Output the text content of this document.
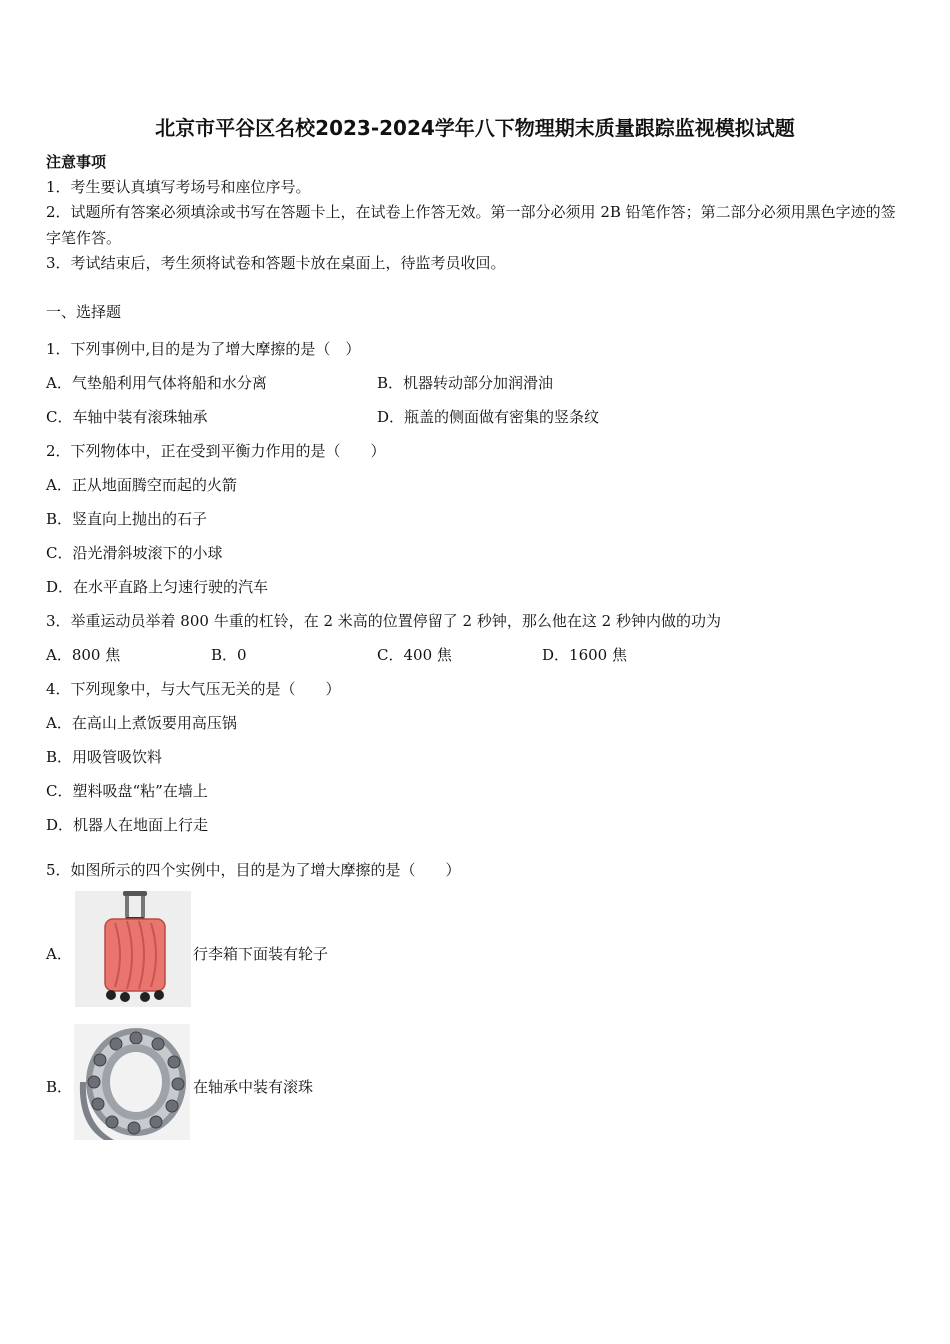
北京市平谷区名校2023-2024学年八下物理期末质量跟踪监视模拟试题
注意事项
1．考生要认真填写考场号和座位序号。
2．试题所有答案必须填涂或书写在答题卡上，在试卷上作答无效。第一部分必须用 2B 铅笔作答；第二部分必须用黑色字迹的签字笔作答。
3．考试结束后，考生须将试卷和答题卡放在桌面上，待监考员收回。
一、选择题
1．下列事例中,目的是为了增大摩擦的是（　）
A．气垫船利用气体将船和水分离	B．机器转动部分加润滑油
C．车轴中装有滚珠轴承	D．瓶盖的侧面做有密集的竖条纹
2．下列物体中，正在受到平衡力作用的是（　　）
A．正从地面腾空而起的火箭
B．竖直向上抛出的石子
C．沿光滑斜坡滚下的小球
D．在水平直路上匀速行驶的汽车
3．举重运动员举着 800 牛重的杠铃，在 2 米高的位置停留了 2 秒钟，那么他在这 2 秒钟内做的功为
A．800 焦	B．0	C．400 焦	D．1600 焦
4．下列现象中，与大气压无关的是（　　）
A．在高山上煮饭要用高压锅
B．用吸管吸饮料
C．塑料吸盘“粘”在墙上
D．机器人在地面上行走
5．如图所示的四个实例中，目的是为了增大摩擦的是（　　）
A．	行李箱下面装有轮子
B．	在轴承中装有滚珠
